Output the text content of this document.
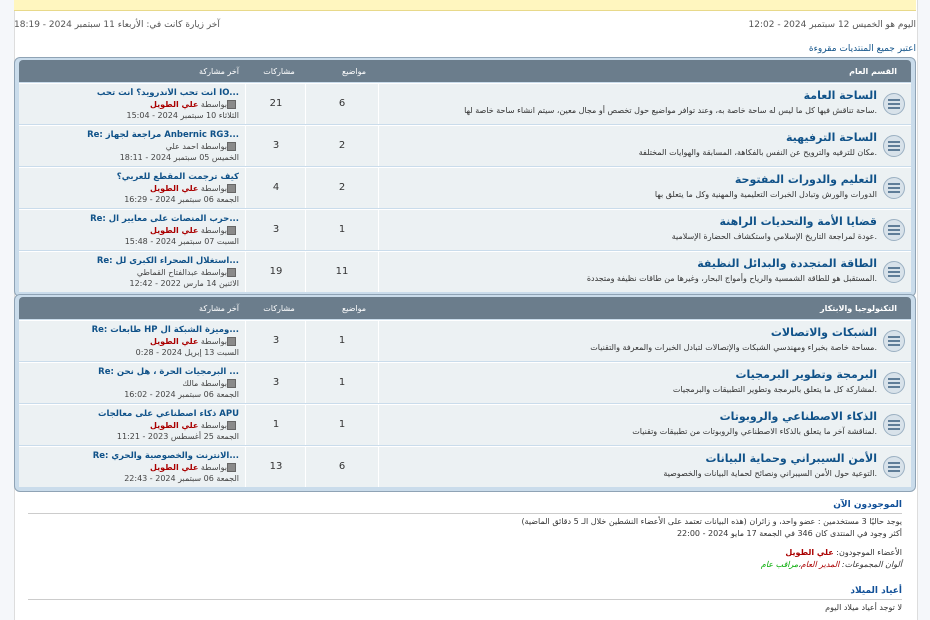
اليوم هو الخميس 12 سبتمبر 2024 - 12:02
آخر زيارة كانت في: الأربعاء 11 سبتمبر 2024 - 18:19
اعتبر جميع المنتديات مقروءة
القسم العام
مواضيع
مشاركات
آخر مشاركة
الساحة العامة
ساحة تناقش فيها كل ما ليس له ساحة خاصة به، وعند توافر مواضيع حول تخصص أو مجال معين، سيتم انشاء ساحة خاصة لها.
6
21
أنت تحب الأندرويد؟ أنت تحب IO...
بواسطة علي الطويل
الثلاثاء 10 سبتمبر 2024 - 15:04
الساحة الترفيهية
مكان للترفيه والترويح عن النفس بالفكاهة، المسابقة والهوايات المختلفة.
2
3
Re: مراجعة لجهاز Anbernic RG3...
بواسطة احمد علي
الخميس 05 سبتمبر 2024 - 18:11
التعليم والدورات المفتوحة
الدورات والورش وتبادل الخبرات التعليمية والمهنية وكل ما يتعلق بها
2
4
كيف ترجمت المقطع للعربي؟
بواسطة علي الطويل
الجمعة 06 سبتمبر 2024 - 16:29
قضايا الأمة والتحديات الراهنة
عودة لمراجعة التاريخ الإسلامي واستكشاف الحضارة الإسلامية.
1
3
Re: حرب المنصات على معايير ال...
بواسطة علي الطويل
السبت 07 سبتمبر 2024 - 15:48
الطاقة المتجددة والبدائل النظيفة
المستقبل هو للطاقة الشمسية والرياح وأمواج البحار، وغيرها من طاقات نظيفة ومتجددة.
11
19
Re: استغلال الصحراء الكبرى لل...
بواسطة عبدالفتاح القماطي
الاثنين 14 مارس 2022 - 12:42
التكنولوجيا والابتكار
مواضيع
مشاركات
آخر مشاركة
الشبكات والاتصالات
مساحة خاصة بخبراء ومهندسي الشبكات والإتصالات لتبادل الخبرات والمعرفة والتقنيات.
1
3
Re: طابعات HP وميزة الشبكة ال...
بواسطة علي الطويل
السبت 13 إبريل 2024 - 0:28
البرمجة وتطوير البرمجيات
لمشاركة كل ما يتعلق بالبرمجة وتطوير التطبيقات والبرمجيات.
1
3
Re: البرمجيات الحرة ، هل نحن ...
بواسطة مالك
الجمعة 06 سبتمبر 2024 - 16:02
الذكاء الاصطناعي والروبوتات
لمناقشة آخر ما يتعلق بالذكاء الاصطناعي والروبوتات من تطبيقات وتقنيات.
1
1
ذكاء اصطناعي على معالجات APU
بواسطة علي الطويل
الجمعة 25 أغسطس 2023 - 11:21
الأمن السيبراني وحماية البيانات
التوعية حول الأمن السيبراني ونصائح لحماية البيانات والخصوصية.
6
13
Re: الانترنت والخصوصية والحري...
بواسطة علي الطويل
الجمعة 06 سبتمبر 2024 - 22:43
الموجودون الآن
يوجد حاليًا 3 مستخدمين : عضو واحد، و زائران (هذه البيانات تعتمد على الأعضاء النشطين خلال الـ 5 دقائق الماضية)
أكثر وجود في المنتدى كان 346 في الجمعة 17 مايو 2024 - 22:00
الأعضاء الموجودون: علي الطويل
ألوان المجموعات: المدير العام،مراقب عام
أعياد الميلاد
لا توجد أعياد ميلاد اليوم
